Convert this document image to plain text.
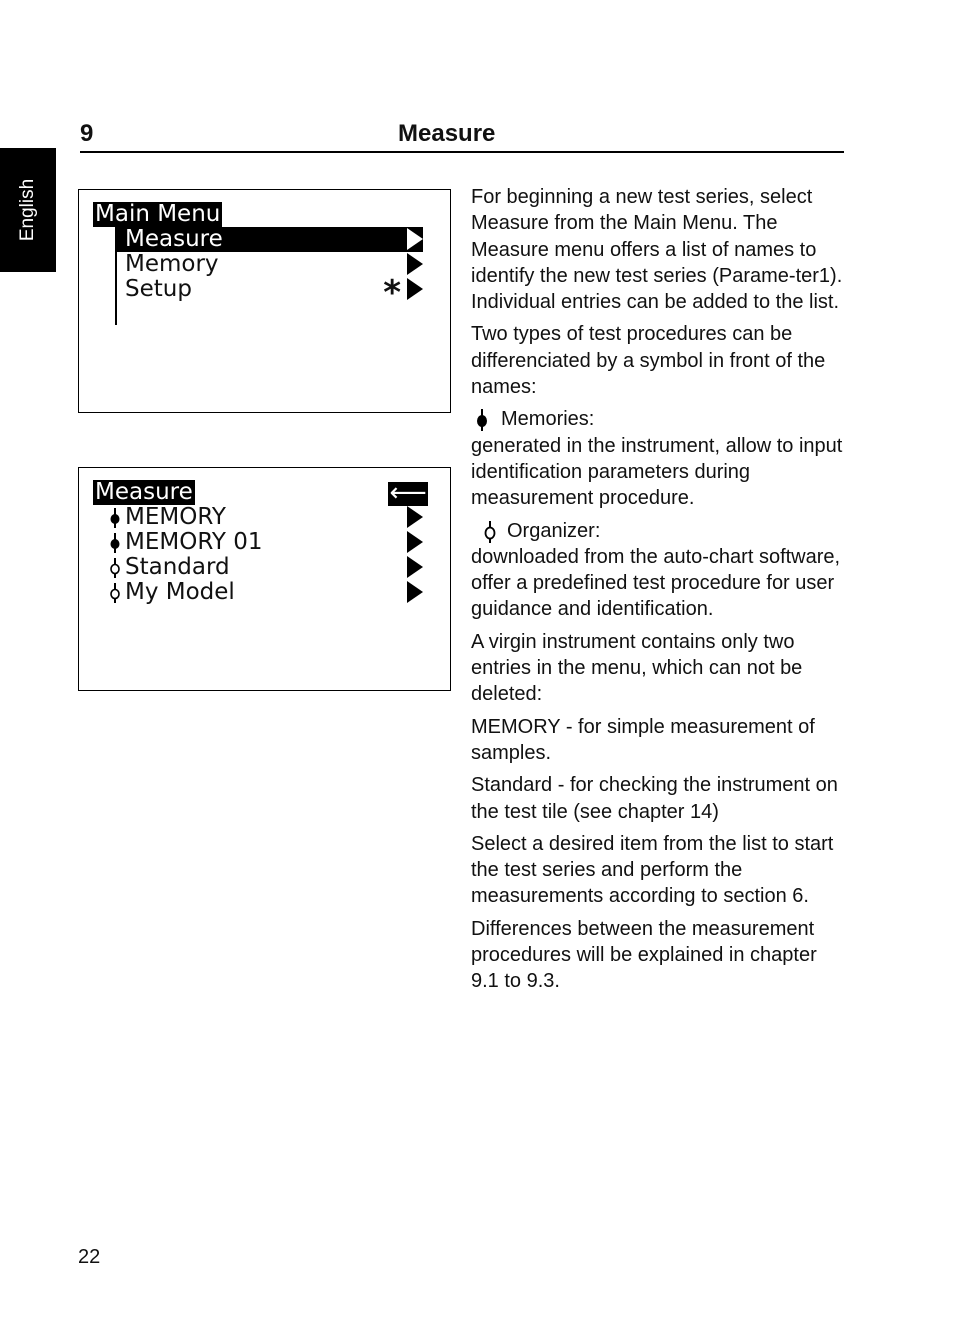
English
9	Measure
Main Menu
Measure
Memory
Setup	*
Measure	⟵
MEMORY
MEMORY 01
Standard
My Model

For beginning a new test series, select Measure from the Main Menu. The Measure menu offers a list of names to identify the new test series (Parame-ter1). Individual entries can be added to the list.

Two types of test procedures can be differenciated by a symbol in front of the names:

Memories:
generated in the instrument, allow to input identification parameters during measurement procedure.

Organizer:
downloaded from the auto-chart software, offer a predefined test procedure for user guidance and identification.

A virgin instrument contains only two entries in the menu, which can not be deleted:

MEMORY - for simple measurement of samples.

Standard - for checking the instrument on the test tile (see chapter 14)

Select a desired item from the list to start the test series and perform the measurements according to section 6.

Differences between the measurement procedures will be explained in chapter 9.1 to 9.3.

22
